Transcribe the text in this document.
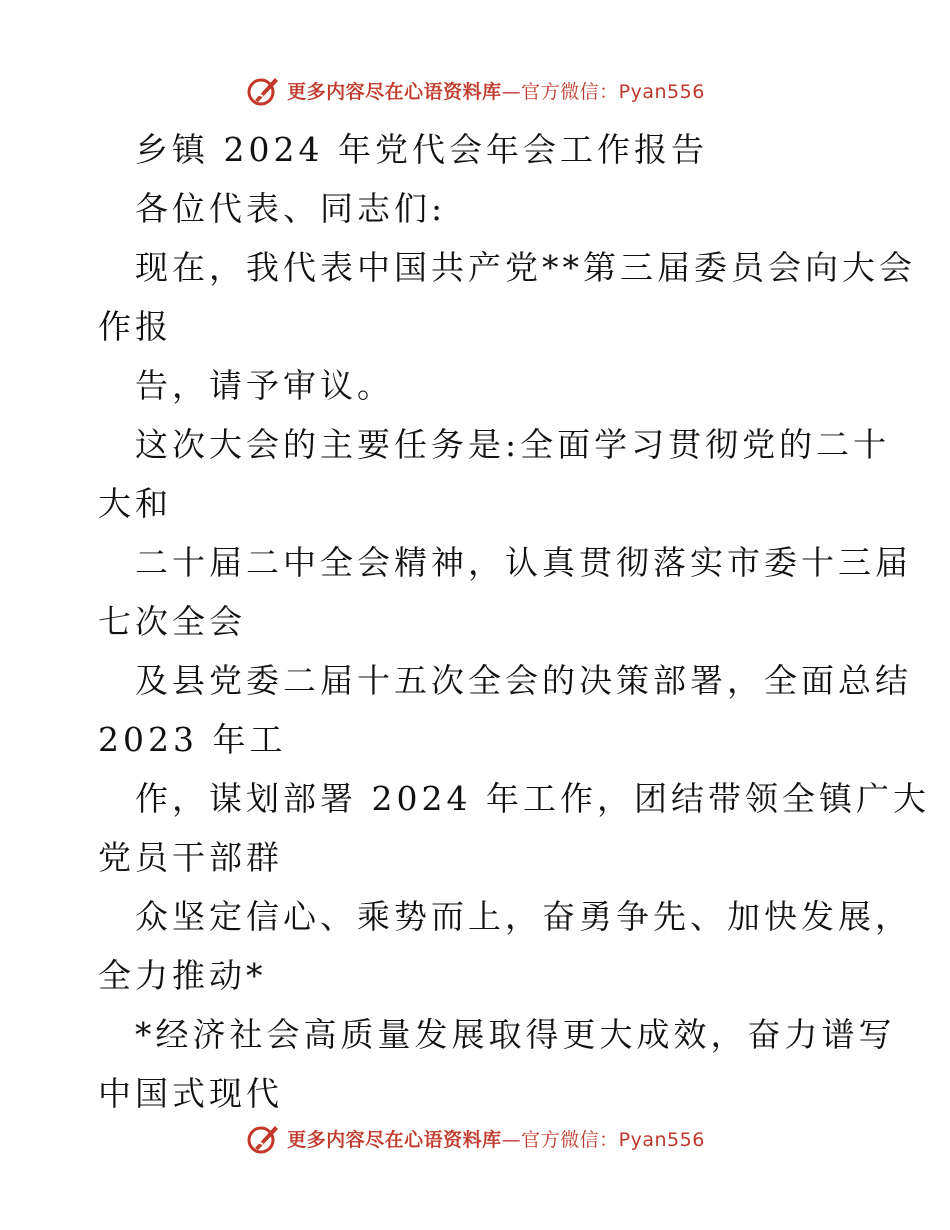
更多内容尽在心语资料库—官方微信：Pyan556
乡镇 2024 年党代会年会工作报告
各位代表、同志们:
现在，我代表中国共产党**第三届委员会向大会
作报
告，请予审议。
这次大会的主要任务是:全面学习贯彻党的二十
大和
二十届二中全会精神，认真贯彻落实市委十三届
七次全会
及县党委二届十五次全会的决策部署，全面总结
2023 年工
作，谋划部署 2024 年工作，团结带领全镇广大
党员干部群
众坚定信心、乘势而上，奋勇争先、加快发展，
全力推动*
*经济社会高质量发展取得更大成效，奋力谱写
中国式现代
更多内容尽在心语资料库—官方微信：Pyan556
